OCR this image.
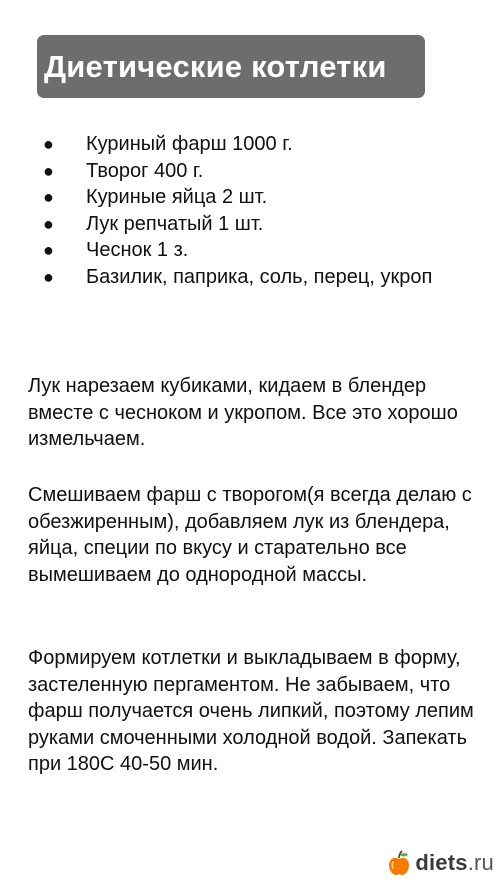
Диетические котлетки
●	Куриный фарш 1000 г.
●	Творог 400 г.
●	Куриные яйца 2 шт.
●	Лук репчатый 1 шт.
●	Чеснок 1 з.
●	Базилик, паприка, соль, перец, укроп

Лук нарезаем кубиками, кидаем в блендер вместе с чесноком и укропом. Все это хорошо измельчаем.

Смешиваем фарш с творогом(я всегда делаю с обезжиренным), добавляем лук из блендера, яйца, специи по вкусу и старательно все вымешиваем до однородной массы.

Формируем котлетки и выкладываем в форму, застеленную пергаментом. Не забываем, что фарш получается очень липкий, поэтому лепим руками смоченными холодной водой. Запекать при 180С 40-50 мин.

diets.ru
